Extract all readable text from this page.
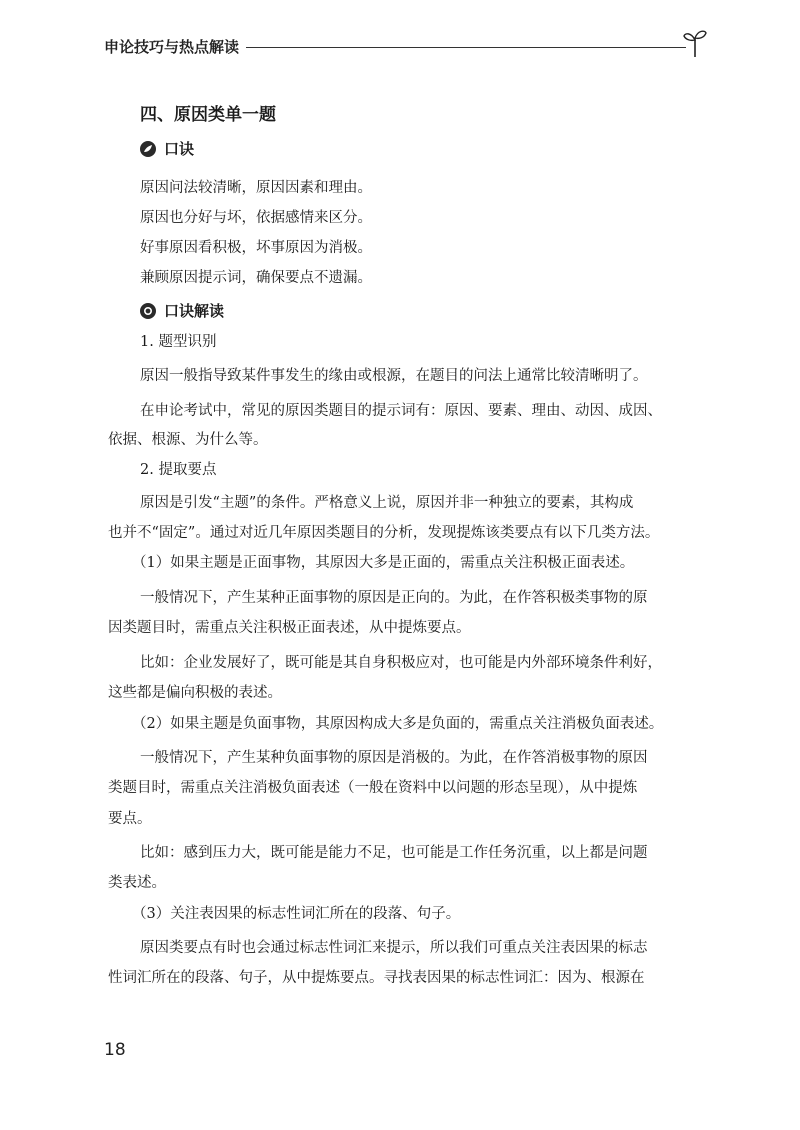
申论技巧与热点解读
四、原因类单一题
口诀
原因问法较清晰，原因因素和理由。
原因也分好与坏，依据感情来区分。
好事原因看积极，坏事原因为消极。
兼顾原因提示词，确保要点不遗漏。
口诀解读
1. 题型识别
原因一般指导致某件事发生的缘由或根源，在题目的问法上通常比较清晰明了。
在申论考试中，常见的原因类题目的提示词有：原因、要素、理由、动因、成因、
依据、根源、为什么等。
2. 提取要点
原因是引发“主题”的条件。严格意义上说，原因并非一种独立的要素，其构成
也并不“固定”。通过对近几年原因类题目的分析，发现提炼该类要点有以下几类方法。
（1）如果主题是正面事物，其原因大多是正面的，需重点关注积极正面表述。
一般情况下，产生某种正面事物的原因是正向的。为此，在作答积极类事物的原
因类题目时，需重点关注积极正面表述，从中提炼要点。
比如：企业发展好了，既可能是其自身积极应对，也可能是内外部环境条件利好，
这些都是偏向积极的表述。
（2）如果主题是负面事物，其原因构成大多是负面的，需重点关注消极负面表述。
一般情况下，产生某种负面事物的原因是消极的。为此，在作答消极事物的原因
类题目时，需重点关注消极负面表述（一般在资料中以问题的形态呈现），从中提炼
要点。
比如：感到压力大，既可能是能力不足，也可能是工作任务沉重，以上都是问题
类表述。
（3）关注表因果的标志性词汇所在的段落、句子。
原因类要点有时也会通过标志性词汇来提示，所以我们可重点关注表因果的标志
性词汇所在的段落、句子，从中提炼要点。寻找表因果的标志性词汇：因为、根源在
18
